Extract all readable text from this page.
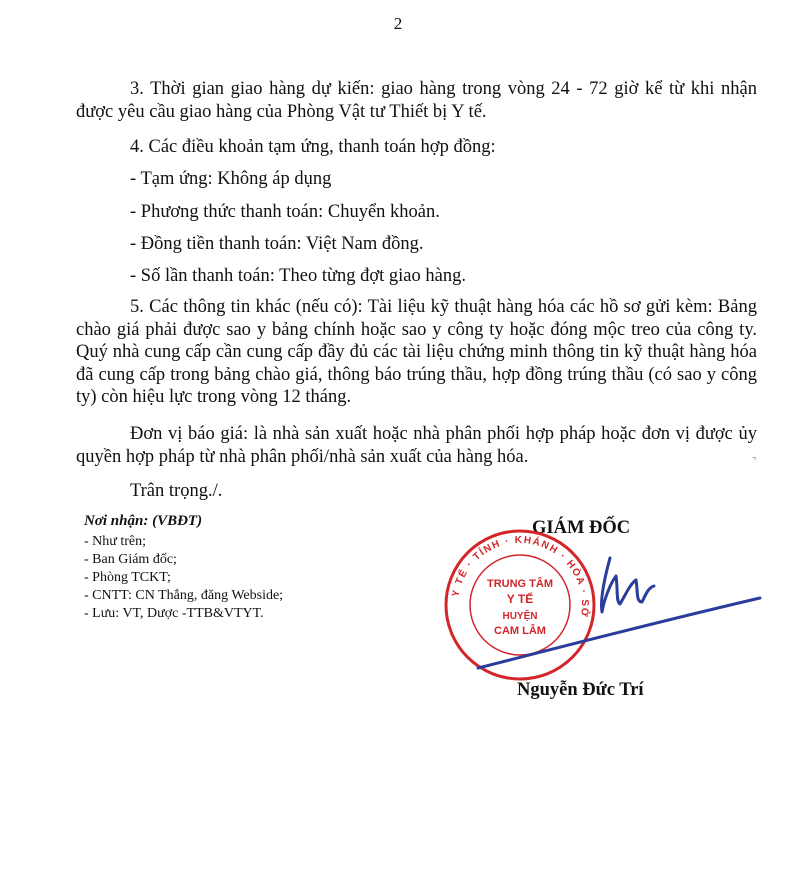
2
3. Thời gian giao hàng dự kiến: giao hàng trong vòng 24 - 72 giờ kể từ khi nhận được yêu cầu giao hàng của Phòng Vật tư Thiết bị Y tế.
4. Các điều khoản tạm ứng, thanh toán hợp đồng:
- Tạm ứng: Không áp dụng
- Phương thức thanh toán: Chuyển khoản.
- Đồng tiền thanh toán: Việt Nam đồng.
- Số lần thanh toán: Theo từng đợt giao hàng.
5. Các thông tin khác (nếu có): Tài liệu kỹ thuật hàng hóa các hồ sơ gửi kèm: Bảng chào giá phải được sao y bảng chính hoặc sao y công ty hoặc đóng mộc treo của công ty. Quý nhà cung cấp cần cung cấp đầy đủ các tài liệu chứng minh thông tin kỹ thuật hàng hóa đã cung cấp trong bảng chào giá, thông báo trúng thầu, hợp đồng trúng thầu (có sao y công ty) còn hiệu lực trong vòng 12 tháng.
Đơn vị báo giá: là nhà sản xuất hoặc nhà phân phối hợp pháp hoặc đơn vị được ủy quyền hợp pháp từ nhà phân phối/nhà sản xuất của hàng hóa.
Trân trọng./.
⌝
Nơi nhận: (VBĐT)
- Như trên;
- Ban Giám đốc;
- Phòng TCKT;
- CNTT: CN Thắng, đăng Webside;
- Lưu: VT, Dược -TTB&VTYT.
GIÁM ĐỐC
Y TẾ · TỈNH · KHÁNH · HÒA · SỞ
TRUNG TÂM
Y TẾ
HUYỆN
CAM LÂM
Nguyễn Đức Trí
